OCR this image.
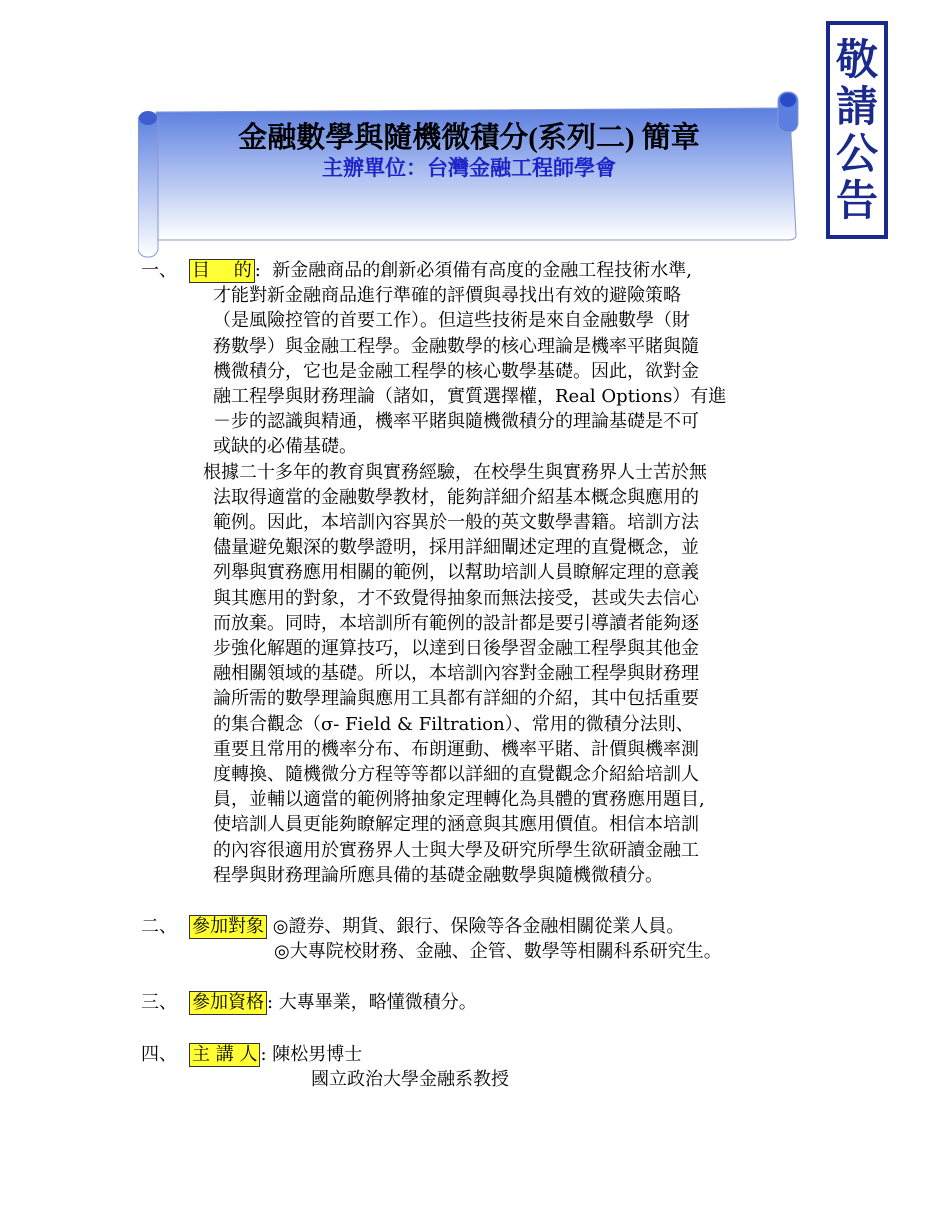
敬
請
公
告
金融數學與隨機微積分(系列二) 簡章
主辦單位：台灣金融工程師學會
一、 目　 的 : 新金融商品的創新必須備有高度的金融工程技術水準,
才能對新金融商品進行準確的評價與尋找出有效的避險策略
（是風險控管的首要工作）。但這些技術是來自金融數學（財
務數學）與金融工程學。金融數學的核心理論是機率平賭與隨
機微積分，它也是金融工程學的核心數學基礎。因此，欲對金
融工程學與財務理論（諸如，實質選擇權，Real Options）有進
－步的認識與精通，機率平賭與隨機微積分的理論基礎是不可
或缺的必備基礎。
根據二十多年的教育與實務經驗，在校學生與實務界人士苦於無
法取得適當的金融數學教材，能夠詳細介紹基本概念與應用的
範例。因此，本培訓內容異於一般的英文數學書籍。培訓方法
儘量避免艱深的數學證明，採用詳細闡述定理的直覺概念，並
列舉與實務應用相關的範例，以幫助培訓人員瞭解定理的意義
與其應用的對象，才不致覺得抽象而無法接受，甚或失去信心
而放棄。同時，本培訓所有範例的設計都是要引導讀者能夠逐
步強化解題的運算技巧，以達到日後學習金融工程學與其他金
融相關領域的基礎。所以，本培訓內容對金融工程學與財務理
論所需的數學理論與應用工具都有詳細的介紹，其中包括重要
的集合觀念（σ- Field & Filtration）、常用的微積分法則、
重要且常用的機率分布、布朗運動、機率平賭、計價與機率測
度轉換、隨機微分方程等等都以詳細的直覺觀念介紹給培訓人
員，並輔以適當的範例將抽象定理轉化為具體的實務應用題目,
使培訓人員更能夠瞭解定理的涵意與其應用價值。相信本培訓
的內容很適用於實務界人士與大學及研究所學生欲研讀金融工
程學與財務理論所應具備的基礎金融數學與隨機微積分。
二、 參加對象 ◎證券、期貨、銀行、保險等各金融相關從業人員。
◎大專院校財務、金融、企管、數學等相關科系研究生。
三、 參加資格 : 大專畢業，略懂微積分。
四、 主 講 人 : 陳松男博士
國立政治大學金融系教授
